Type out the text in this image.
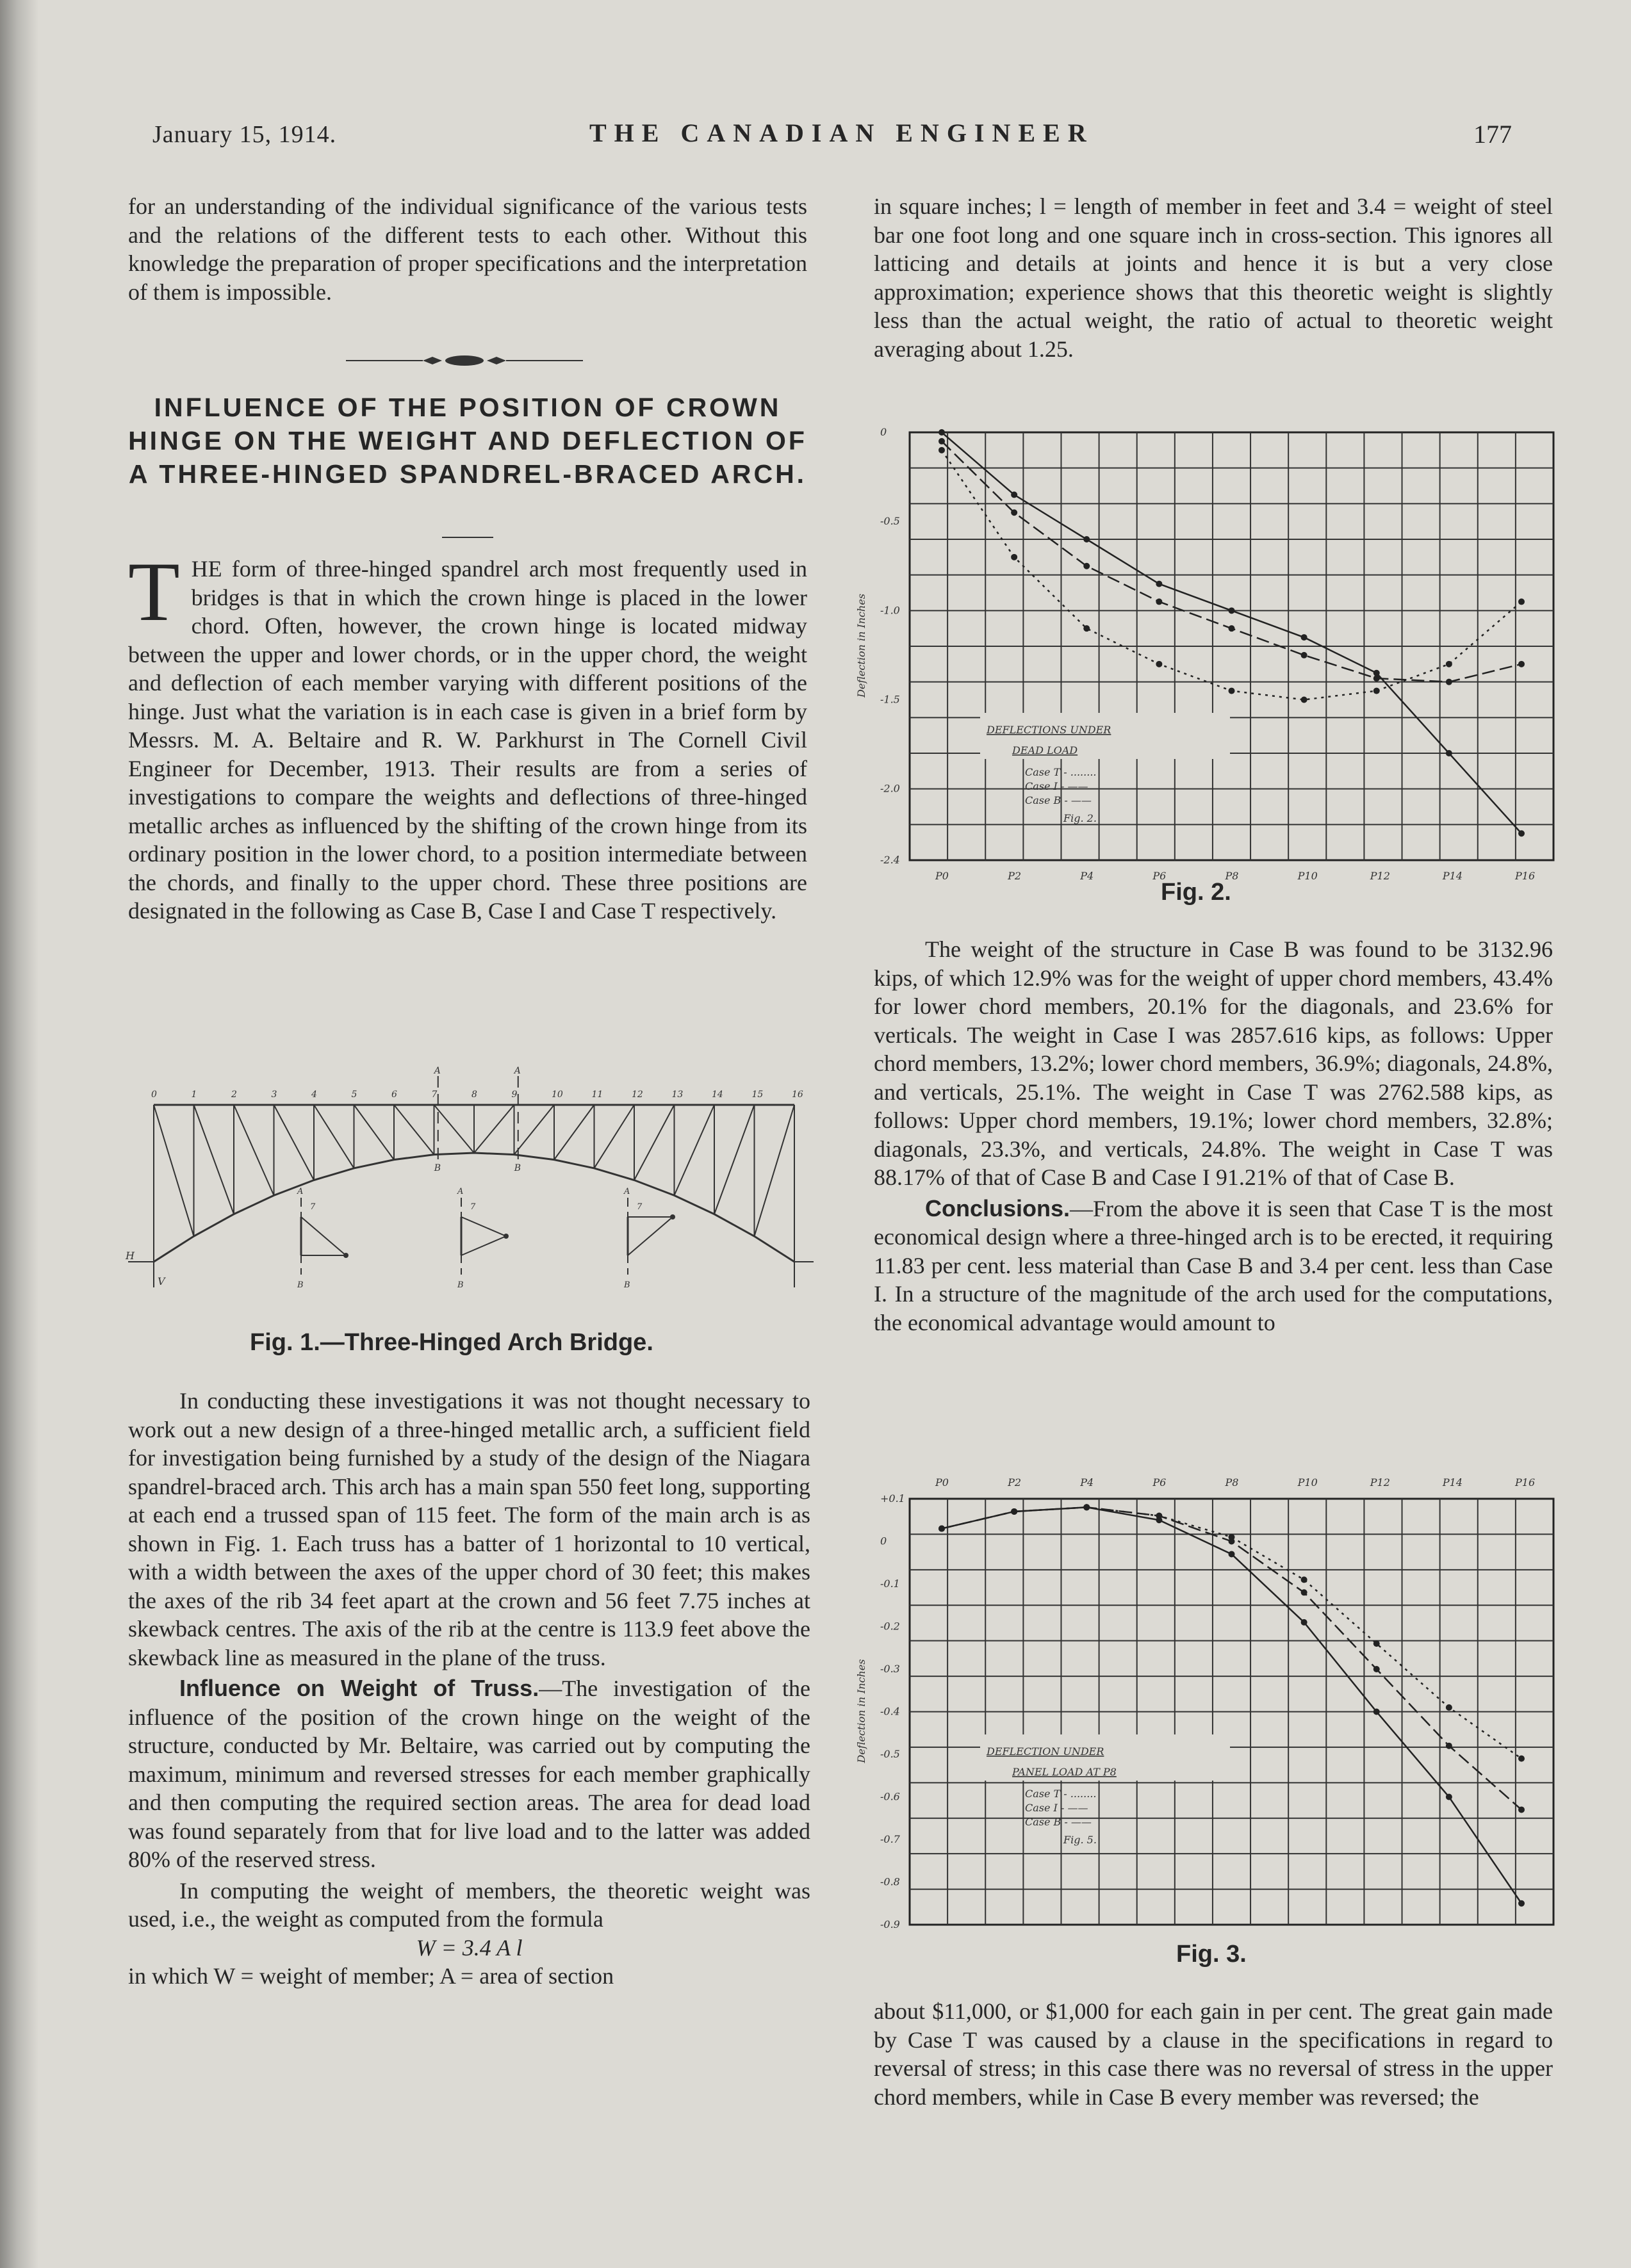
January 15, 1914.	THE CANADIAN ENGINEER	177

for an understanding of the individual significance of the various tests and the relations of the different tests to each other. Without this knowledge the preparation of proper specifications and the interpretation of them is impossible.

INFLUENCE OF THE POSITION OF CROWN HINGE ON THE WEIGHT AND DEFLECTION OF A THREE-HINGED SPANDREL-BRACED ARCH.

THE form of three-hinged spandrel arch most frequently used in bridges is that in which the crown hinge is placed in the lower chord. Often, however, the crown hinge is located midway between the upper and lower chords, or in the upper chord, the weight and deflection of each member varying with different positions of the hinge. Just what the variation is in each case is given in a brief form by Messrs. M. A. Beltaire and R. W. Parkhurst in The Cornell Civil Engineer for December, 1913. Their results are from a series of investigations to compare the weights and deflections of three-hinged metallic arches as influenced by the shifting of the crown hinge from its ordinary position in the lower chord, to a position intermediate between the chords, and finally to the upper chord. These three positions are designated in the following as Case B, Case I and Case T respectively.

0	1	2	3	4	5	6	7	8	9	10	11	12	13	14	15	16
H
V
A
B
A
B
A
7
B
A
7
B
A
7
B
Fig. 1.—Three-Hinged Arch Bridge.

In conducting these investigations it was not thought necessary to work out a new design of a three-hinged metallic arch, a sufficient field for investigation being furnished by a study of the design of the Niagara spandrel-braced arch. This arch has a main span 550 feet long, supporting at each end a trussed span of 115 feet. The form of the main arch is as shown in Fig. 1. Each truss has a batter of 1 horizontal to 10 vertical, with a width between the axes of the upper chord of 30 feet; this makes the axes of the rib 34 feet apart at the crown and 56 feet 7.75 inches at skewback centres. The axis of the rib at the centre is 113.9 feet above the skewback line as measured in the plane of the truss.

Influence on Weight of Truss.—The investigation of the influence of the position of the crown hinge on the weight of the structure, conducted by Mr. Beltaire, was carried out by computing the maximum, minimum and reversed stresses for each member graphically and then computing the required section areas. The area for dead load was found separately from that for live load and to the latter was added 80% of the reserved stress.

In computing the weight of members, the theoretic weight was used, i.e., the weight as computed from the formula

W = 3.4 A l

in which W = weight of member; A = area of section

in square inches; l = length of member in feet and 3.4 = weight of steel bar one foot long and one square inch in cross-section. This ignores all latticing and details at joints and hence it is but a very close approximation; experience shows that this theoretic weight is slightly less than the actual weight, the ratio of actual to theoretic weight averaging about 1.25.

0
-0.5
-1.0
-1.5
-2.0
-2.4
P0	P2	P4	P6	P8	P10	P12	P14	P16
Deflection in Inches
DEFLECTIONS UNDER
DEAD LOAD
Case T - ........
Case I - ——
Case B - ——
Fig. 2.
Fig. 2.

The weight of the structure in Case B was found to be 3132.96 kips, of which 12.9% was for the weight of upper chord members, 43.4% for lower chord members, 20.1% for the diagonals, and 23.6% for verticals. The weight in Case I was 2857.616 kips, as follows: Upper chord members, 13.2%; lower chord members, 36.9%; diagonals, 24.8%, and verticals, 25.1%. The weight in Case T was 2762.588 kips, as follows: Upper chord members, 19.1%; lower chord members, 32.8%; diagonals, 23.3%, and verticals, 24.8%. The weight in Case T was 88.17% of that of Case B and Case I 91.21% of that of Case B.

Conclusions.—From the above it is seen that Case T is the most economical design where a three-hinged arch is to be erected, it requiring 11.83 per cent. less material than Case B and 3.4 per cent. less than Case I. In a structure of the magnitude of the arch used for the computations, the economical advantage would amount to

+0.1
0
-0.1
-0.2
-0.3
-0.4
-0.5
-0.6
-0.7
-0.8
-0.9
P0	P2	P4	P6	P8	P10	P12	P14	P16
Deflection in Inches	DEFLECTION UNDER
PANEL LOAD AT P8
Case T - ........
Case I - ——
Case B - ——
Fig. 5.
Fig. 3.

about $11,000, or $1,000 for each gain in per cent. The great gain made by Case T was caused by a clause in the specifications in regard to reversal of stress; in this case there was no reversal of stress in the upper chord members, while in Case B every member was reversed; the
